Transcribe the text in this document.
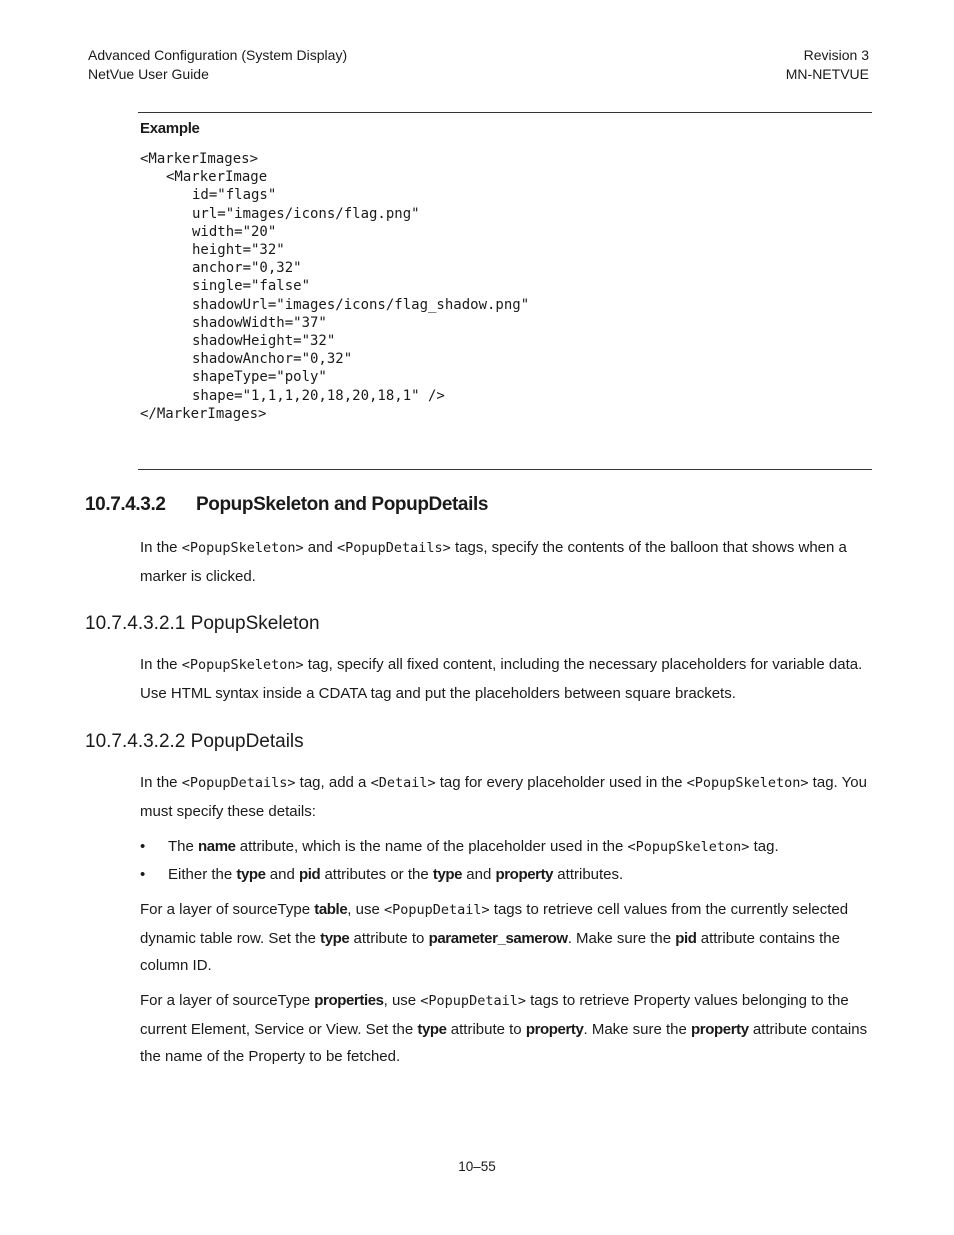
Advanced Configuration (System Display)
NetVue User Guide
Revision 3
MN-NETVUE
Example
<MarkerImages>
<MarkerImage
id="flags"
url="images/icons/flag.png"
width="20"
height="32"
anchor="0,32"
single="false"
shadowUrl="images/icons/flag_shadow.png"
shadowWidth="37"
shadowHeight="32"
shadowAnchor="0,32"
shapeType="poly"
shape="1,1,1,20,18,20,18,1" />
</MarkerImages>
10.7.4.3.2 PopupSkeleton and PopupDetails

In the <PopupSkeleton> and <PopupDetails> tags, specify the contents of the balloon that shows when a marker is clicked.

10.7.4.3.2.1 PopupSkeleton

In the <PopupSkeleton> tag, specify all fixed content, including the necessary placeholders for variable data. Use HTML syntax inside a CDATA tag and put the placeholders between square brackets.

10.7.4.3.2.2 PopupDetails

In the <PopupDetails> tag, add a <Detail> tag for every placeholder used in the <PopupSkeleton> tag. You must specify these details:

• The name attribute, which is the name of the placeholder used in the <PopupSkeleton> tag.
• Either the type and pid attributes or the type and property attributes.

For a layer of sourceType table, use <PopupDetail> tags to retrieve cell values from the currently selected dynamic table row. Set the type attribute to parameter_samerow. Make sure the pid attribute contains the column ID.

For a layer of sourceType properties, use <PopupDetail> tags to retrieve Property values belonging to the current Element, Service or View. Set the type attribute to property. Make sure the property attribute contains the name of the Property to be fetched.

10–55
